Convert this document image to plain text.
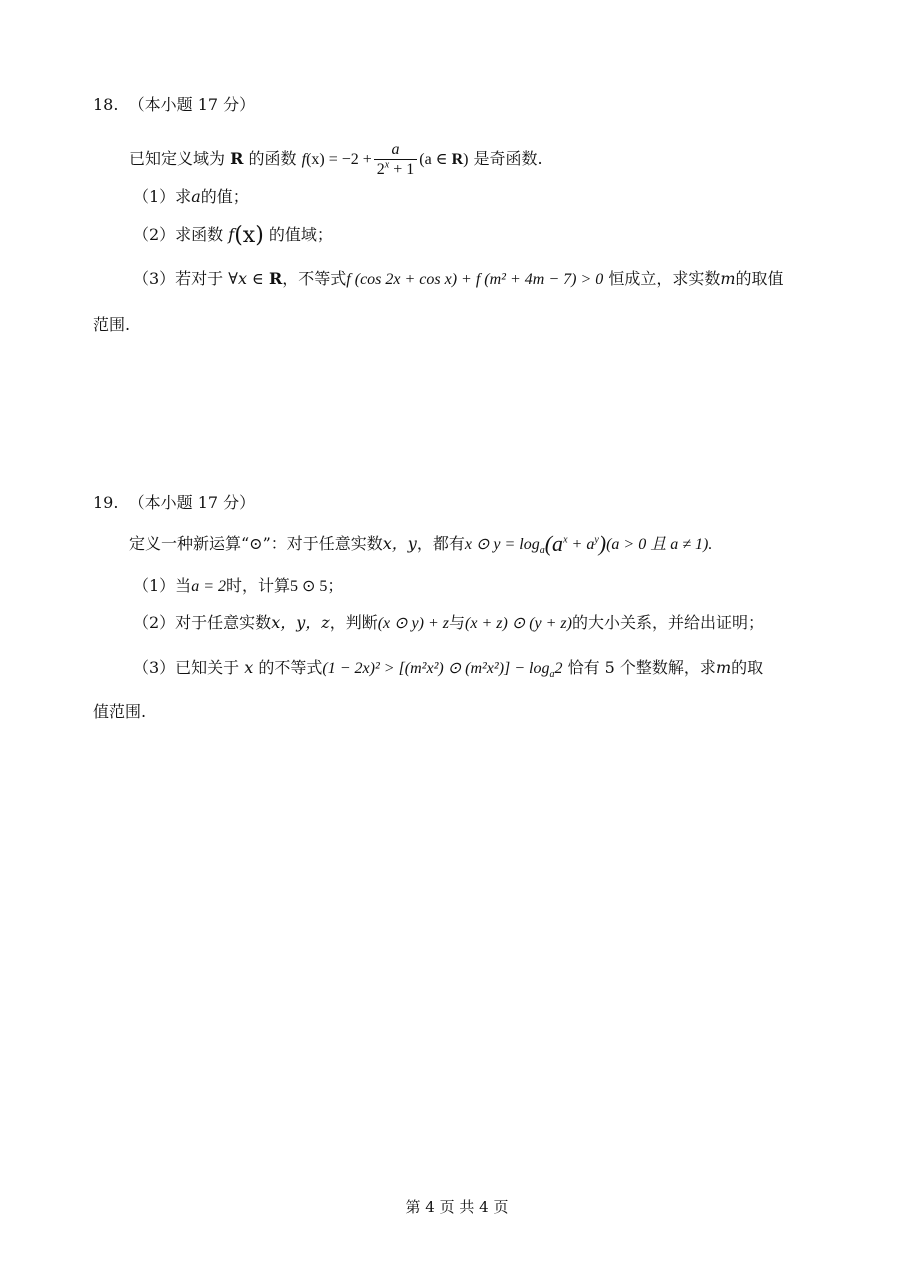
18. （本小题 17 分）
已知定义域为 R 的函数 $f(x) = -2 + \frac{a}{2^x + 1} (a$ ∈ R) 是奇函数.
（1）求a的值；
（2）求函数 f(x) 的值域；
（3）若对于 ∀x ∈ R，不等式f (cos 2x + cos x) + f (m² + 4m − 7) > 0 恒成立，求实数m的取值
范围.
19. （本小题 17 分）
定义一种新运算“⊙”：对于任意实数x，y，都有x ⊙ $y = \log_a(a^x + a^y)(a > 0$ 且 a ≠ 1).
（1）当a = 2时，计算5 ⊙ 5；
（2）对于任意实数x，y，z，判断(x ⊙ y) + z与(x + z) ⊙ (y + z)的大小关系，并给出证明；
（3）已知关于 x 的不等式(1 − 2x)² > [(m²x²) ⊙ $(m^2x^2)] - \log_a2$ 恰有 5 个整数解，求m的取
值范围.
第 4 页 共 4 页
